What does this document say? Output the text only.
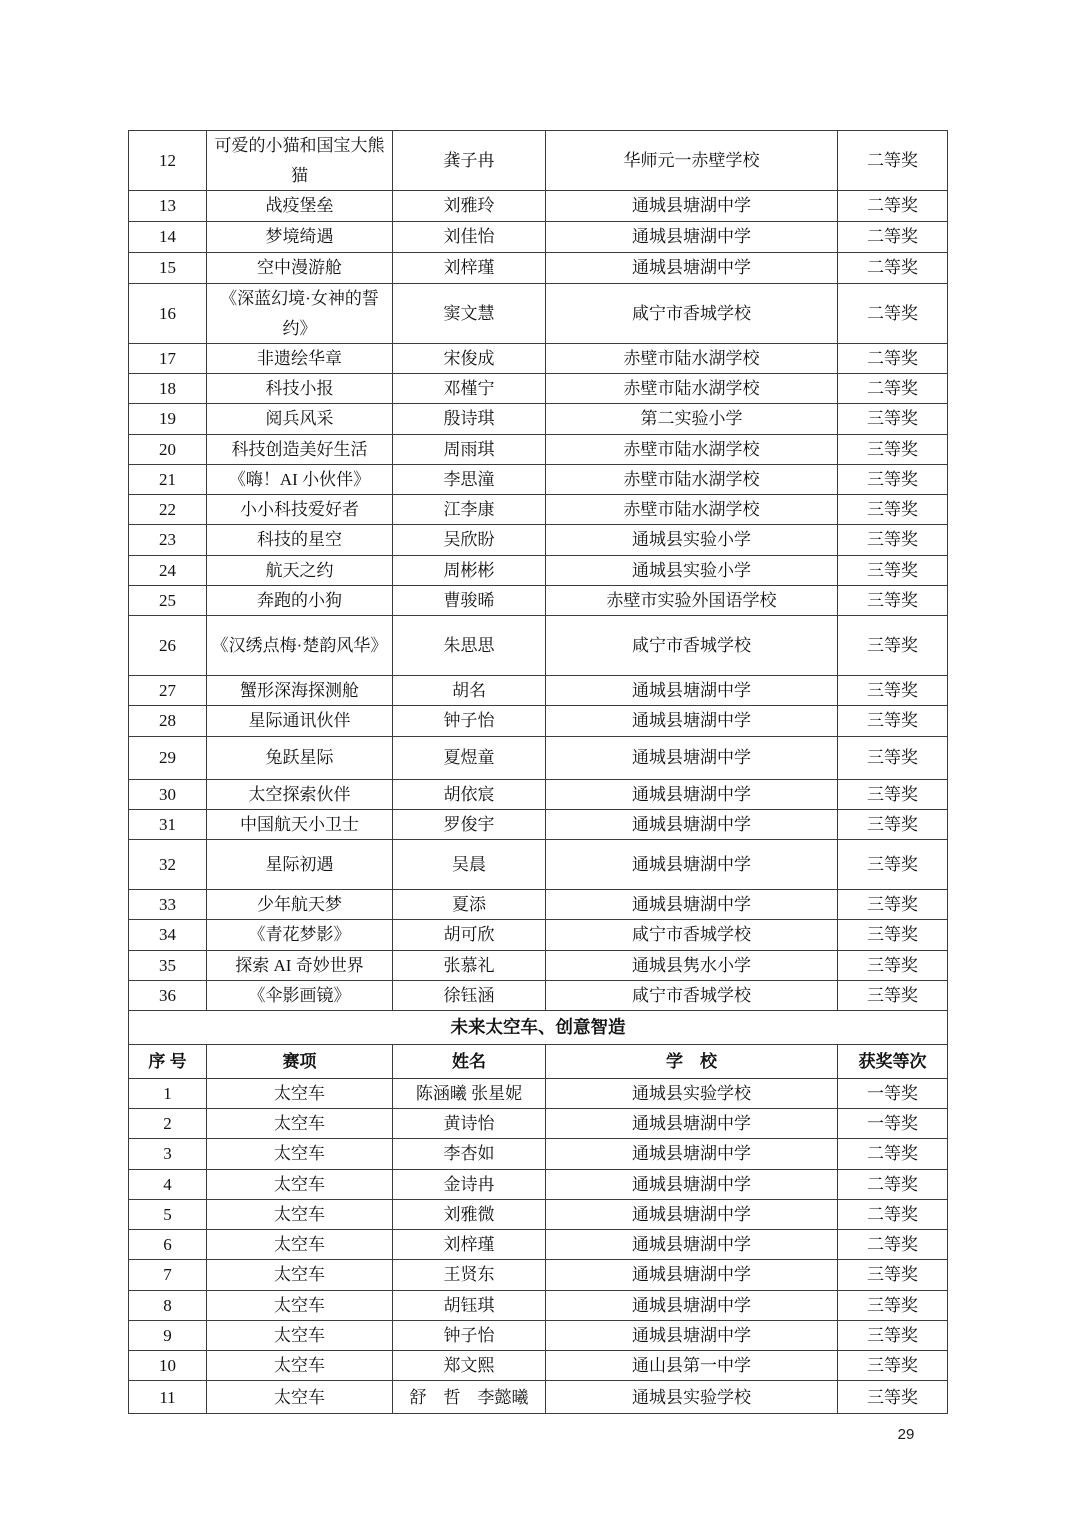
12	可爱的小猫和国宝大熊猫	龚子冉	华师元一赤壁学校	二等奖
13	战疫堡垒	刘雅玲	通城县塘湖中学	二等奖
14	梦境绮遇	刘佳怡	通城县塘湖中学	二等奖
15	空中漫游舱	刘梓瑾	通城县塘湖中学	二等奖
16	《深蓝幻境·女神的誓约》	窦文慧	咸宁市香城学校	二等奖
17	非遗绘华章	宋俊成	赤壁市陆水湖学校	二等奖
18	科技小报	邓槿宁	赤壁市陆水湖学校	二等奖
19	阅兵风采	殷诗琪	第二实验小学	三等奖
20	科技创造美好生活	周雨琪	赤壁市陆水湖学校	三等奖
21	《嗨！AI 小伙伴》	李思潼	赤壁市陆水湖学校	三等奖
22	小小科技爱好者	江李康	赤壁市陆水湖学校	三等奖
23	科技的星空	吴欣盼	通城县实验小学	三等奖
24	航天之约	周彬彬	通城县实验小学	三等奖
25	奔跑的小狗	曹骏晞	赤壁市实验外国语学校	三等奖
26	《汉绣点梅·楚韵风华》	朱思思	咸宁市香城学校	三等奖
27	蟹形深海探测舱	胡名	通城县塘湖中学	三等奖
28	星际通讯伙伴	钟子怡	通城县塘湖中学	三等奖
29	兔跃星际	夏煜童	通城县塘湖中学	三等奖
30	太空探索伙伴	胡依宸	通城县塘湖中学	三等奖
31	中国航天小卫士	罗俊宇	通城县塘湖中学	三等奖
32	星际初遇	吴晨	通城县塘湖中学	三等奖
33	少年航天梦	夏添	通城县塘湖中学	三等奖
34	《青花梦影》	胡可欣	咸宁市香城学校	三等奖
35	探索 AI 奇妙世界	张慕礼	通城县隽水小学	三等奖
36	《伞影画镜》	徐钰涵	咸宁市香城学校	三等奖
未来太空车、创意智造				
序 号	赛项	姓名	学　校	获奖等次
1	太空车	陈涵曦 张星妮	通城县实验学校	一等奖
2	太空车	黄诗怡	通城县塘湖中学	一等奖
3	太空车	李杏如	通城县塘湖中学	二等奖
4	太空车	金诗冉	通城县塘湖中学	二等奖
5	太空车	刘雅微	通城县塘湖中学	二等奖
6	太空车	刘梓瑾	通城县塘湖中学	二等奖
7	太空车	王贤东	通城县塘湖中学	三等奖
8	太空车	胡钰琪	通城县塘湖中学	三等奖
9	太空车	钟子怡	通城县塘湖中学	三等奖
10	太空车	郑文熙	通山县第一中学	三等奖
11	太空车	舒　哲　李懿曦	通城县实验学校	三等奖
29
